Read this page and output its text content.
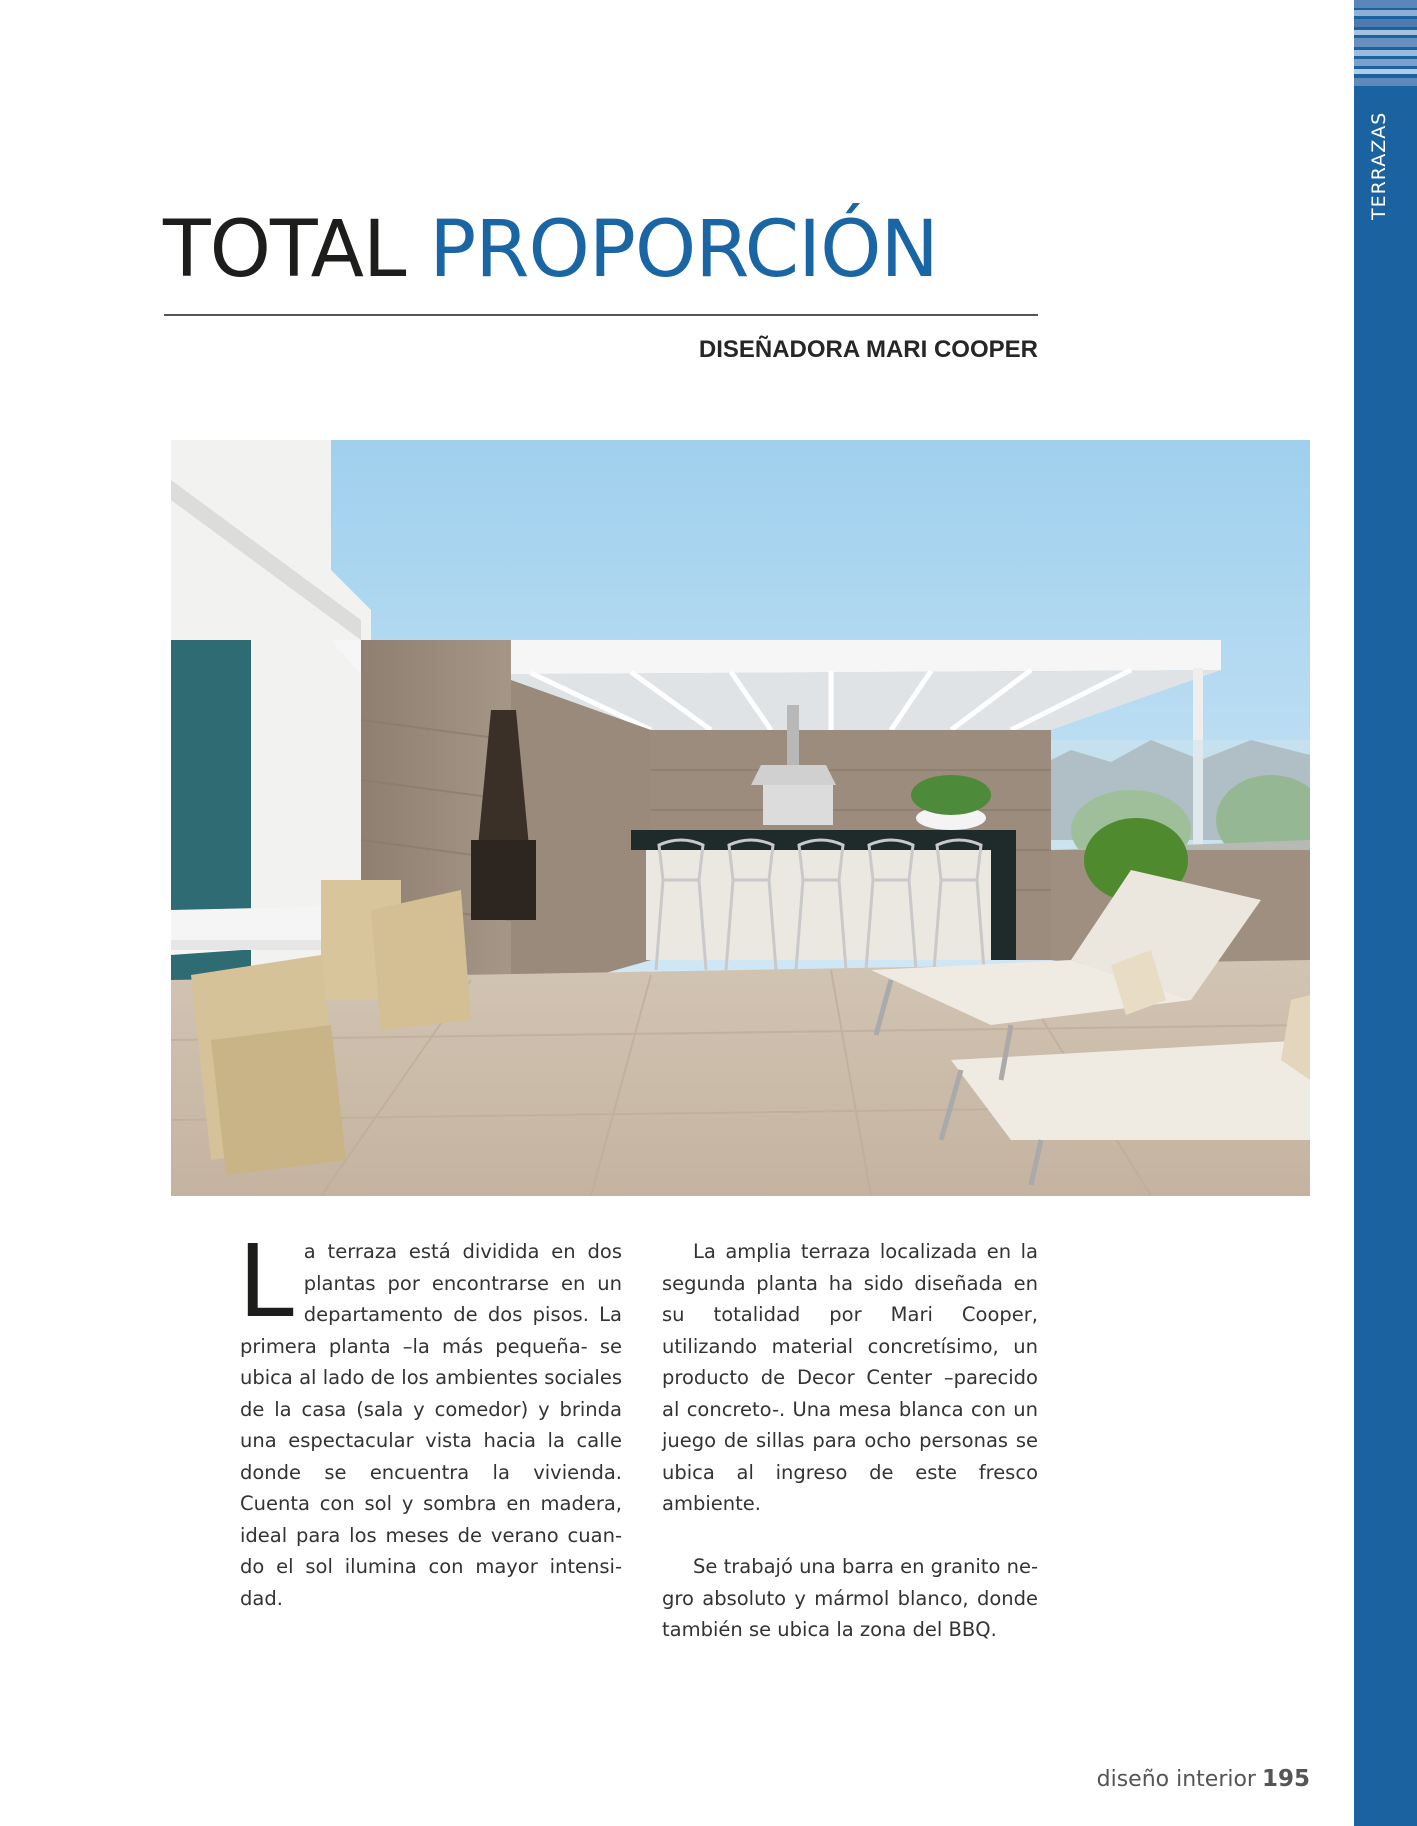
TERRAZAS
TOTAL PROPORCIÓN
DISEÑADORA MARI COOPER

La terraza está dividida en dos plantas por encontrarse en un departamento de dos pisos. La primera planta –la más pequeña- se ubica al lado de los ambientes sociales de la casa (sala y comedor) y brinda una espectacular vista hacia la calle donde se encuentra la vivienda. Cuenta con sol y sombra en madera, ideal para los meses de verano cuando el sol ilumina con mayor intensidad.

La amplia terraza localizada en la segunda planta ha sido diseñada en su totalidad por Mari Cooper, utilizando material concretísimo, un producto de Decor Center –parecido al concreto-. Una mesa blanca con un juego de sillas para ocho personas se ubica al ingreso de este fresco ambiente.

Se trabajó una barra en granito negro absoluto y mármol blanco, donde también se ubica la zona del BBQ.

diseño interior 195
